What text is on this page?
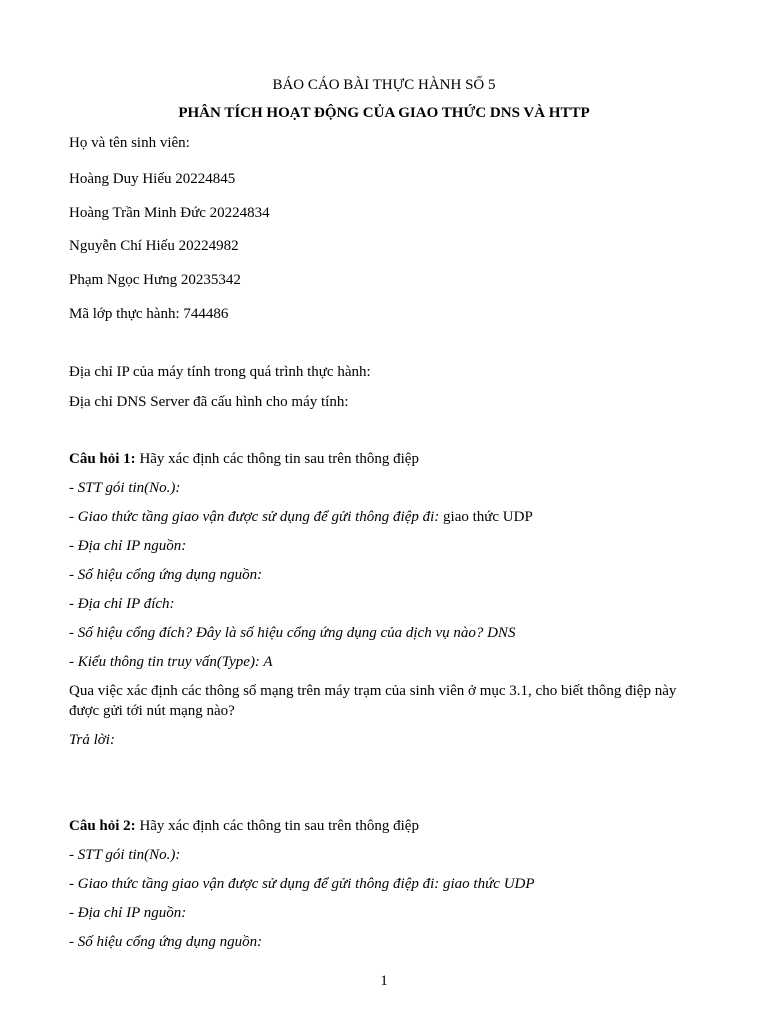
BÁO CÁO BÀI THỰC HÀNH SỐ 5
PHÂN TÍCH HOẠT ĐỘNG CỦA GIAO THỨC DNS VÀ HTTP
Họ và tên sinh viên:
Hoàng Duy Hiếu 20224845
Hoàng Trần Minh Đức 20224834
Nguyễn Chí Hiếu 20224982
Phạm Ngọc Hưng 20235342
Mã lớp thực hành: 744486
Địa chỉ IP của máy tính trong quá trình thực hành:
Địa chỉ DNS Server đã cấu hình cho máy tính:
Câu hỏi 1: Hãy xác định các thông tin sau trên thông điệp
- STT gói tin(No.):
- Giao thức tầng giao vận được sử dụng để gửi thông điệp đi: giao thức UDP
- Địa chỉ IP nguồn:
- Số hiệu cổng ứng dụng nguồn:
- Địa chỉ IP đích:
- Số hiệu cổng đích? Đây là số hiệu cổng ứng dụng của dịch vụ nào? DNS
- Kiểu thông tin truy vấn(Type): A
Qua việc xác định các thông số mạng trên máy trạm của sinh viên ở mục 3.1, cho biết thông điệp này được gửi tới nút mạng nào?
Trả lời:
Câu hỏi 2: Hãy xác định các thông tin sau trên thông điệp
- STT gói tin(No.):
- Giao thức tầng giao vận được sử dụng để gửi thông điệp đi: giao thức UDP
- Địa chỉ IP nguồn:
- Số hiệu cổng ứng dụng nguồn:
1
